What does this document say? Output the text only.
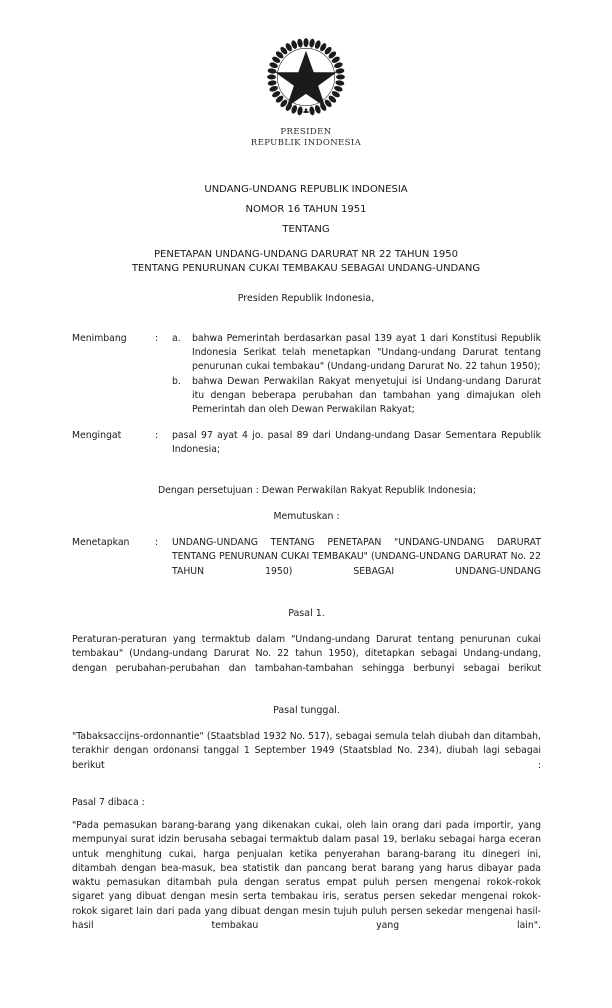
PRESIDEN
REPUBLIK INDONESIA
UNDANG-UNDANG REPUBLIK INDONESIA
NOMOR 16 TAHUN 1951
TENTANG
PENETAPAN UNDANG-UNDANG DARURAT NR 22 TAHUN 1950
TENTANG PENURUNAN CUKAI TEMBAKAU SEBAGAI UNDANG-UNDANG
Presiden Republik Indonesia,
Menimbang	:	a.	bahwa Pemerintah berdasarkan pasal 139 ayat 1 dari Konstitusi Republik Indonesia Serikat telah menetapkan "Undang-undang Darurat tentang penurunan cukai tembakau" (Undang-undang Darurat No. 22 tahun 1950);
b.	bahwa Dewan Perwakilan Rakyat menyetujui isi Undang-undang Darurat itu dengan beberapa perubahan dan tambahan yang dimajukan oleh Pemerintah dan oleh Dewan Perwakilan Rakyat;
Mengingat	:	pasal 97 ayat 4 jo. pasal 89 dari Undang-undang Dasar Sementara Republik Indonesia;
Dengan persetujuan : Dewan Perwakilan Rakyat Republik Indonesia;
Memutuskan :
Menetapkan	:	UNDANG-UNDANG TENTANG PENETAPAN "UNDANG-UNDANG DARURAT TENTANG PENURUNAN CUKAI TEMBAKAU" (UNDANG-UNDANG DARURAT No. 22 TAHUN 1950) SEBAGAI UNDANG-UNDANG
Pasal 1.
Peraturan-peraturan yang termaktub dalam "Undang-undang Darurat tentang penurunan cukai tembakau" (Undang-undang Darurat No. 22 tahun 1950), ditetapkan sebagai Undang-undang, dengan perubahan-perubahan dan tambahan-tambahan sehingga berbunyi sebagai berikut
Pasal tunggal.
"Tabaksaccijns-ordonnantie" (Staatsblad 1932 No. 517), sebagai semula telah diubah dan ditambah, terakhir dengan ordonansi tanggal 1 September 1949 (Staatsblad No. 234), diubah lagi sebagai berikut :
Pasal 7 dibaca :
"Pada pemasukan barang-barang yang dikenakan cukai, oleh lain orang dari pada importir, yang mempunyai surat idzin berusaha sebagai termaktub dalam pasal 19, berlaku sebagai harga eceran untuk menghitung cukai, harga penjualan ketika penyerahan barang-barang itu dinegeri ini, ditambah dengan bea-masuk, bea statistik dan pancang berat barang yang harus dibayar pada waktu pemasukan ditambah pula dengan seratus empat puluh persen mengenai rokok-rokok sigaret yang dibuat dengan mesin serta tembakau iris, seratus persen sekedar mengenai rokok-rokok sigaret lain dari pada yang dibuat dengan mesin tujuh puluh persen sekedar mengenai hasil-hasil tembakau yang lain".
